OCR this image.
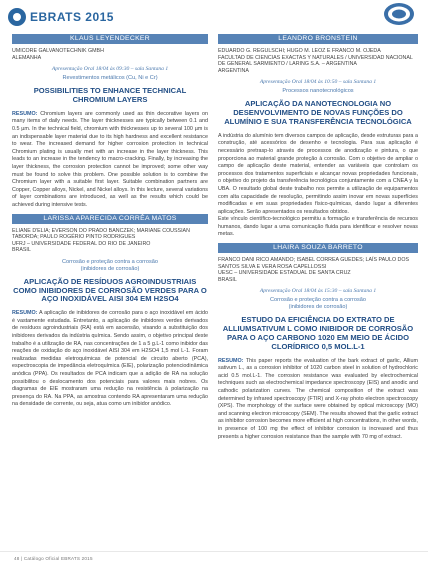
EBRATS 2015
KLAUS LEYENDECKER
UMICORE GALVANOTECHNIK GMBH
ALEMANHA
Apresentação Oral 18/04 às 09:30 – sala Santana 1
Revestimentos metálicos (Cu, Ni e Cr)
POSSIBILITIES TO ENHANCE TECHNICAL CHROMIUM LAYERS
RESUMO: Chromium layers are commonly used as thin decorative layers on many items of daily needs. The layer thicknesses are typically between 0.1 and 0.5 µm. In the technical field, chromium with thicknesses up to several 100 µm is an indispensable layer material due to its high hardness and excellent resistance to wear. The increased demand for higher corrosion protection in technical Chromium plating is usually met with an increase in the layer thickness. This leads to an increase in the tendency to macro-cracking. Finally, by increasing the layer thickness, the corrosion protection cannot be improved; some other way must be found to solve this problem. One possible solution is to combine the Chromium layer with a suitable first layer. Suitable combination partners are Copper, Copper alloys, Nickel, and Nickel alloys. In this lecture, several variations of layer combinations are introduced, as well as the results which could be achieved during intensive tests.
LARISSA APARECIDA CORRÊA MATOS
ELIANE D'ELIA; EVERSON DO PRADO BANCZEK; MARIANE COUSSIAN TABORDA; PAULO ROGÉRIO PINTO RODRIGUES
UFRJ – UNIVERSIDADE FEDERAL DO RIO DE JANEIRO
BRASIL
Corrosão e proteção contra a corrosão
(inibidores de corrosão)
APLICAÇÃO DE RESÍDUOS AGROINDUSTRIAIS COMO INIBIDORES DE CORROSÃO VERDES PARA O AÇO INOXIDÁVEL AISI 304 EM H2SO4
RESUMO: A aplicação de inibidores de corrosão para o aço inoxidável em ácido é vastamente estudada. Entretanto, a aplicação de inibidores verdes derivados de resíduos agroindustriais (RA) está em ascensão, visando a substituição dos inibidores derivados da indústria química. Sendo assim, o objetivo principal deste trabalho é a utilização de RA, nas concentrações de 1 a 5 g.L-1 como inibidor das reações de oxidação do aço inoxidável AISI 304 em H2SO4 1,5 mol L-1. Foram realizadas medidas eletroquímicas de potencial de circuito aberto (PCA), espectroscopia de impedância eletroquímica (EIE), polarização potenciodinâmica anódica (PPA). Os resultados de PCA indicam que a adição de RA na solução possibilitou o deslocamento dos potenciais para valores mais nobres. Os diagramas de EIE mostraram uma redução na resistência à polarização na presença do RA. Na PPA, as amostras contendo RA apresentaram uma redução na densidade de corrente, ou seja, atua como um inibidor anódico.
LEANDRO BRONSTEIN
EDUARDO G. REGULSCHI; HUGO M. LEOZ E FRANCO M. OJEDA
FACULTAD DE CIENCIAS EXACTAS Y NATURALES / UNIVERSIDAD NACIONAL DE GENERAL SARMIENTO / LARING S.A. – ARGENTINA
ARGENTINA
Apresentação Oral 18/04 às 10:50 – sala Santana 1
Processos nanotecnológicos
APLICAÇÃO DA NANOTECNOLOGIA NO DESENVOLVIMENTO DE NOVAS FUNÇÕES DO ALUMÍNIO E SUA TRANSFERÊNCIA TECNOLÓGICA
A indústria do alumínio tem diversos campos de aplicação, desde estruturas para a construção, até acessórios de desenho e tecnologia. Para sua aplicação é necessário pretrasp-lo através de processos de anodização e pintura, o que proporciona ao material grande proteção à corrosão. Com o objetivo de ampliar o campo de aplicação deste material, entender as variáveis que controlam os processos dos tratamentos superficiais e alcançar novas propriedades funcionais, o objetivo do projeto da transferência tecnológica conjuntamente com a CNEA y la UBA. O resultado global deste trabalho nos permite a utilização de equipamentos com alta capacidade de resolução, permitindo assim inovar em novas superfícies modificadas e em suas propriedades físico-químicas, dando lugar a diferentes aplicações. Serão apresentados os resultados obtidos.
Este vínculo científico-tecnológico permitiu a formação e transferência de recursos humanos, dando lugar a uma comunicação fluida para identificar e resolver novas metas.
LHAIRA SOUZA BARRETO
FRANCO DANI RICO AMANDO; ISABEL CORREA GUEDES; LAÍS PAULO DOS SANTOS SILVA E VERA ROSA CAPELLOSSI
UESC – UNIVERSIDADE ESTADUAL DE SANTA CRUZ
BRASIL
Apresentação Oral 18/04 às 15:30 – sala Santana 1
Corrosão e proteção contra a corrosão
(inibidores de corrosão)
ESTUDO DA EFICIÊNCIA DO EXTRATO DE ALLIUMSATIVUM L COMO INIBIDOR DE CORROSÃO PARA O AÇO CARBONO 1020 EM MEIO DE ÁCIDO CLORÍDRICO 0,5 MOL.L-1
RESUMO: This paper reports the evaluation of the bark extract of garlic, Allium sativum L., as a corrosion inhibitor of 1020 carbon steel in solution of hydrochloric acid 0.5 mol.L-1. The corrosion resistance was evaluated by electrochemical techniques such as electrochemical impedance spectroscopy (EIS) and anodic and cathodic polarization curves. The chemical composition of the extract was determined by infrared spectroscopy (FTIR) and X-ray photo electron spectroscopy (XPS). The morphology of the surface were obtained by optical microscopy (MO) and scanning electron microscopy (SEM). The results showed that the garlic extract as inhibitor corrosion becomes more efficient at high concentrations, in other words, in presence of 100 mg the effect of inhibitor corrosion is increased and thus presents a higher corrosion resistance than the sample with 70 mg of extract.
48 | Catálogo Oficial EBRATS 2015
